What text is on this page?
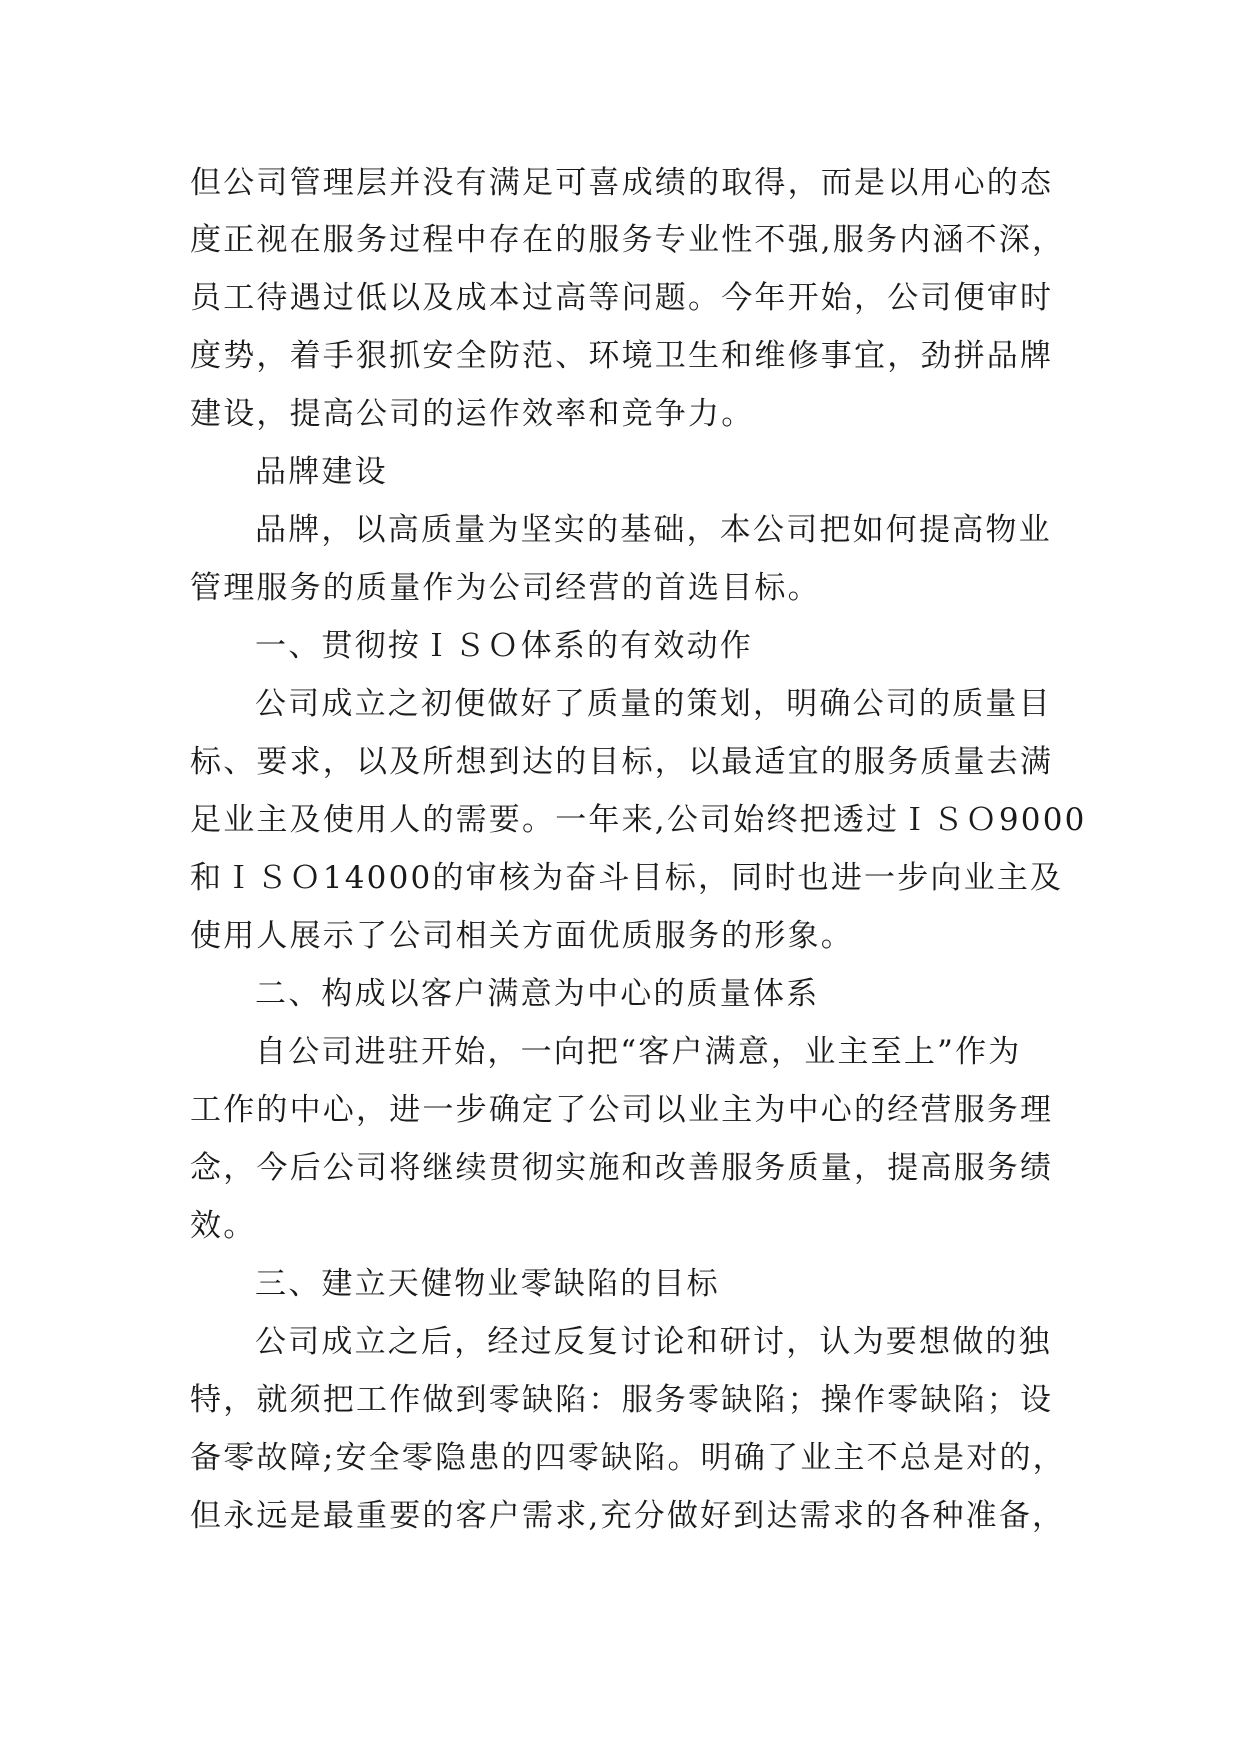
但公司管理层并没有满足可喜成绩的取得，而是以用心的态
度正视在服务过程中存在的服务专业性不强,服务内涵不深，
员工待遇过低以及成本过高等问题。今年开始，公司便审时
度势，着手狠抓安全防范、环境卫生和维修事宜，劲拼品牌
建设，提高公司的运作效率和竞争力。
品牌建设
品牌，以高质量为坚实的基础，本公司把如何提高物业
管理服务的质量作为公司经营的首选目标。
一、贯彻按ＩＳＯ体系的有效动作
公司成立之初便做好了质量的策划，明确公司的质量目
标、要求，以及所想到达的目标，以最适宜的服务质量去满
足业主及使用人的需要。一年来,公司始终把透过ＩＳＯ9000
和ＩＳＯ14000的审核为奋斗目标，同时也进一步向业主及
使用人展示了公司相关方面优质服务的形象。
二、构成以客户满意为中心的质量体系
自公司进驻开始，一向把“客户满意，业主至上”作为
工作的中心，进一步确定了公司以业主为中心的经营服务理
念，今后公司将继续贯彻实施和改善服务质量，提高服务绩
效。
三、建立天健物业零缺陷的目标
公司成立之后，经过反复讨论和研讨，认为要想做的独
特，就须把工作做到零缺陷：服务零缺陷；操作零缺陷；设
备零故障;安全零隐患的四零缺陷。明确了业主不总是对的，
但永远是最重要的客户需求,充分做好到达需求的各种准备，
